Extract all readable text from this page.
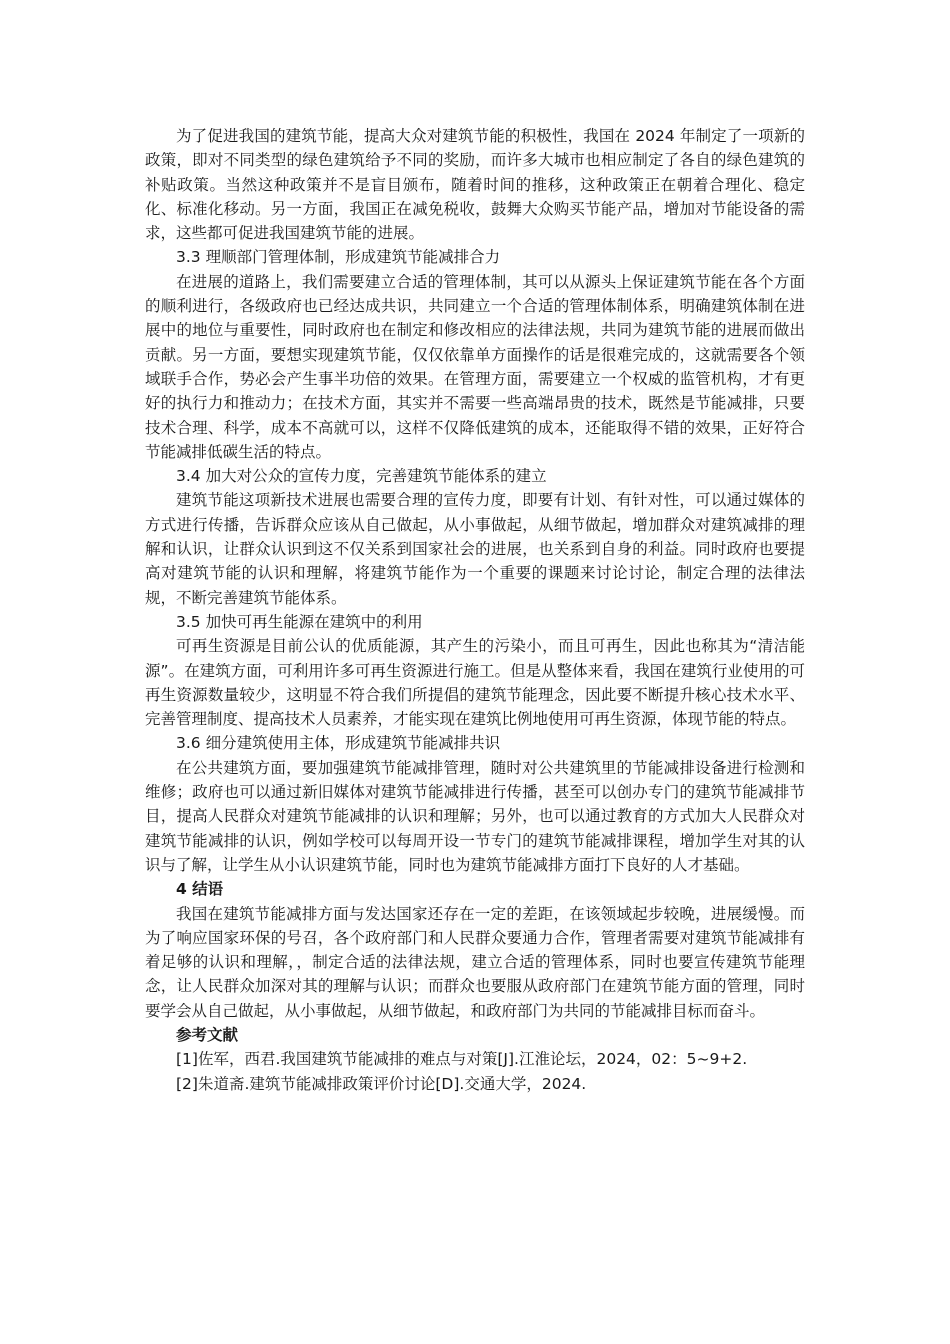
为了促进我国的建筑节能，提高大众对建筑节能的积极性，我国在 2024 年制定了一项新的政策，即对不同类型的绿色建筑给予不同的奖励，而许多大城市也相应制定了各自的绿色建筑的补贴政策。当然这种政策并不是盲目颁布，随着时间的推移，这种政策正在朝着合理化、稳定化、标准化移动。另一方面，我国正在减免税收，鼓舞大众购买节能产品，增加对节能设备的需求，这些都可促进我国建筑节能的进展。

3.3 理顺部门管理体制，形成建筑节能减排合力

在进展的道路上，我们需要建立合适的管理体制，其可以从源头上保证建筑节能在各个方面的顺利进行，各级政府也已经达成共识，共同建立一个合适的管理体制体系，明确建筑体制在进展中的地位与重要性，同时政府也在制定和修改相应的法律法规，共同为建筑节能的进展而做出贡献。另一方面，要想实现建筑节能，仅仅依靠单方面操作的话是很难完成的，这就需要各个领域联手合作，势必会产生事半功倍的效果。在管理方面，需要建立一个权威的监管机构，才有更好的执行力和推动力；在技术方面，其实并不需要一些高端昂贵的技术，既然是节能减排，只要技术合理、科学，成本不高就可以，这样不仅降低建筑的成本，还能取得不错的效果，正好符合节能减排低碳生活的特点。

3.4 加大对公众的宣传力度，完善建筑节能体系的建立

建筑节能这项新技术进展也需要合理的宣传力度，即要有计划、有针对性，可以通过媒体的方式进行传播，告诉群众应该从自己做起，从小事做起，从细节做起，增加群众对建筑减排的理解和认识，让群众认识到这不仅关系到国家社会的进展，也关系到自身的利益。同时政府也要提高对建筑节能的认识和理解，将建筑节能作为一个重要的课题来讨论讨论，制定合理的法律法规，不断完善建筑节能体系。

3.5 加快可再生能源在建筑中的利用

可再生资源是目前公认的优质能源，其产生的污染小，而且可再生，因此也称其为“清洁能源”。在建筑方面，可利用许多可再生资源进行施工。但是从整体来看，我国在建筑行业使用的可再生资源数量较少，这明显不符合我们所提倡的建筑节能理念，因此要不断提升核心技术水平、完善管理制度、提高技术人员素养，才能实现在建筑比例地使用可再生资源，体现节能的特点。

3.6 细分建筑使用主体，形成建筑节能减排共识

在公共建筑方面，要加强建筑节能减排管理，随时对公共建筑里的节能减排设备进行检测和维修；政府也可以通过新旧媒体对建筑节能减排进行传播，甚至可以创办专门的建筑节能减排节目，提高人民群众对建筑节能减排的认识和理解；另外，也可以通过教育的方式加大人民群众对建筑节能减排的认识，例如学校可以每周开设一节专门的建筑节能减排课程，增加学生对其的认识与了解，让学生从小认识建筑节能，同时也为建筑节能减排方面打下良好的人才基础。

4 结语

我国在建筑节能减排方面与发达国家还存在一定的差距，在该领域起步较晚，进展缓慢。而为了响应国家环保的号召，各个政府部门和人民群众要通力合作，管理者需要对建筑节能减排有着足够的认识和理解，，制定合适的法律法规，建立合适的管理体系，同时也要宣传建筑节能理念，让人民群众加深对其的理解与认识；而群众也要服从政府部门在建筑节能方面的管理，同时要学会从自己做起，从小事做起，从细节做起，和政府部门为共同的节能减排目标而奋斗。

参考文献

[1]佐军，西君.我国建筑节能减排的难点与对策[J].江淮论坛，2024，02：5~9+2.

[2]朱道斋.建筑节能减排政策评价讨论[D].交通大学，2024.
